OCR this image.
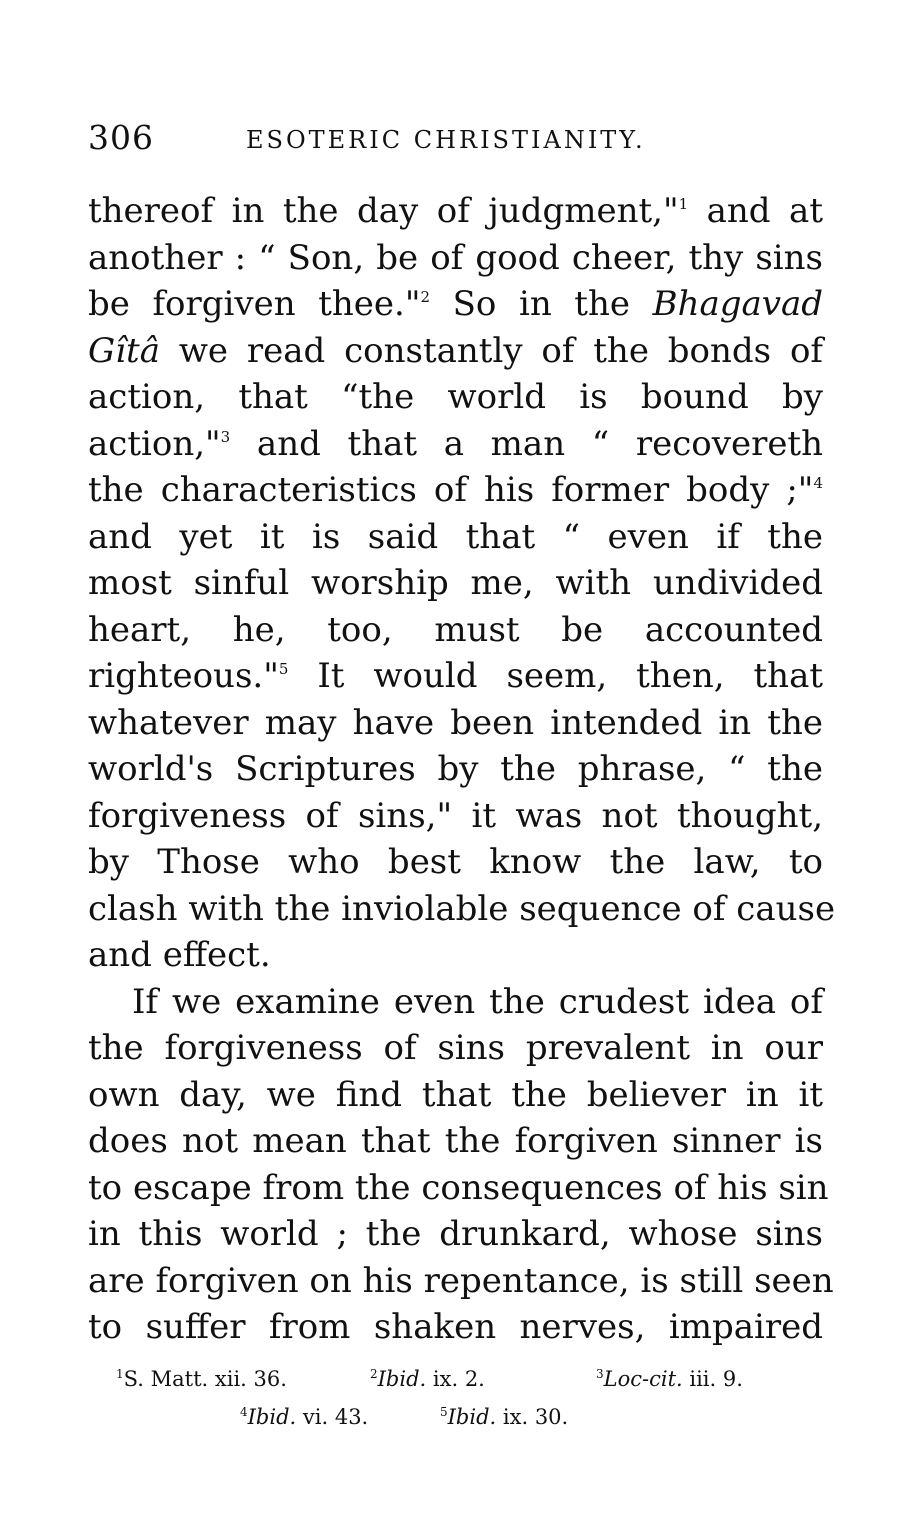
306	ESOTERIC CHRISTIANITY.
thereof in the day of judgment,"$^1$ and at
another : “ Son, be of good cheer, thy sins
be forgiven thee."$^2$ So in the Bhagavad
Gîtâ we read constantly of the bonds of
action, that “the world is bound by
action,"$^3$ and that a man “ recovereth
the characteristics of his former body ;"$^4$
and yet it is said that “ even if the
most sinful worship me, with undivided
heart, he, too, must be accounted
righteous."$^5$ It would seem, then, that
whatever may have been intended in the
world's Scriptures by the phrase, “ the
forgiveness of sins," it was not thought,
by Those who best know the law, to
clash with the inviolable sequence of cause
and effect.
If we examine even the crudest idea of
the forgiveness of sins prevalent in our
own day, we find that the believer in it
does not mean that the forgiven sinner is
to escape from the consequences of his sin
in this world ; the drunkard, whose sins
are forgiven on his repentance, is still seen
to suffer from shaken nerves, impaired
$^1$S. Matt. xii. 36.	$^2$Ibid. ix. 2.	$^3$Loc-cit. iii. 9.
$^4$Ibid. vi. 43.	$^5$Ibid. ix. 30.
